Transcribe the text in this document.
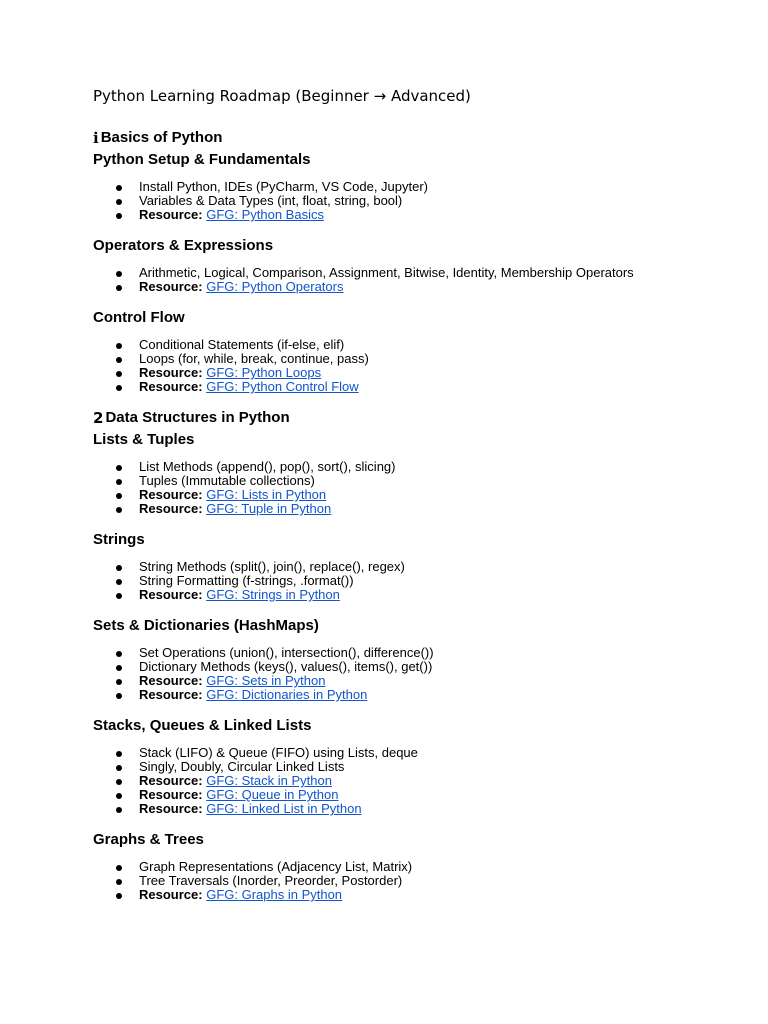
Python Learning Roadmap (Beginner → Advanced)
ℹ Basics of Python
Python Setup & Fundamentals
Install Python, IDEs (PyCharm, VS Code, Jupyter)
Variables & Data Types (int, float, string, bool)
Resource: GFG: Python Basics
Operators & Expressions
Arithmetic, Logical, Comparison, Assignment, Bitwise, Identity, Membership Operators
Resource: GFG: Python Operators
Control Flow
Conditional Statements (if-else, elif)
Loops (for, while, break, continue, pass)
Resource: GFG: Python Loops
Resource: GFG: Python Control Flow
2 Data Structures in Python
Lists & Tuples
List Methods (append(), pop(), sort(), slicing)
Tuples (Immutable collections)
Resource: GFG: Lists in Python
Resource: GFG: Tuple in Python
Strings
String Methods (split(), join(), replace(), regex)
String Formatting (f-strings, .format())
Resource: GFG: Strings in Python
Sets & Dictionaries (HashMaps)
Set Operations (union(), intersection(), difference())
Dictionary Methods (keys(), values(), items(), get())
Resource: GFG: Sets in Python
Resource: GFG: Dictionaries in Python
Stacks, Queues & Linked Lists
Stack (LIFO) & Queue (FIFO) using Lists, deque
Singly, Doubly, Circular Linked Lists
Resource: GFG: Stack in Python
Resource: GFG: Queue in Python
Resource: GFG: Linked List in Python
Graphs & Trees
Graph Representations (Adjacency List, Matrix)
Tree Traversals (Inorder, Preorder, Postorder)
Resource: GFG: Graphs in Python
